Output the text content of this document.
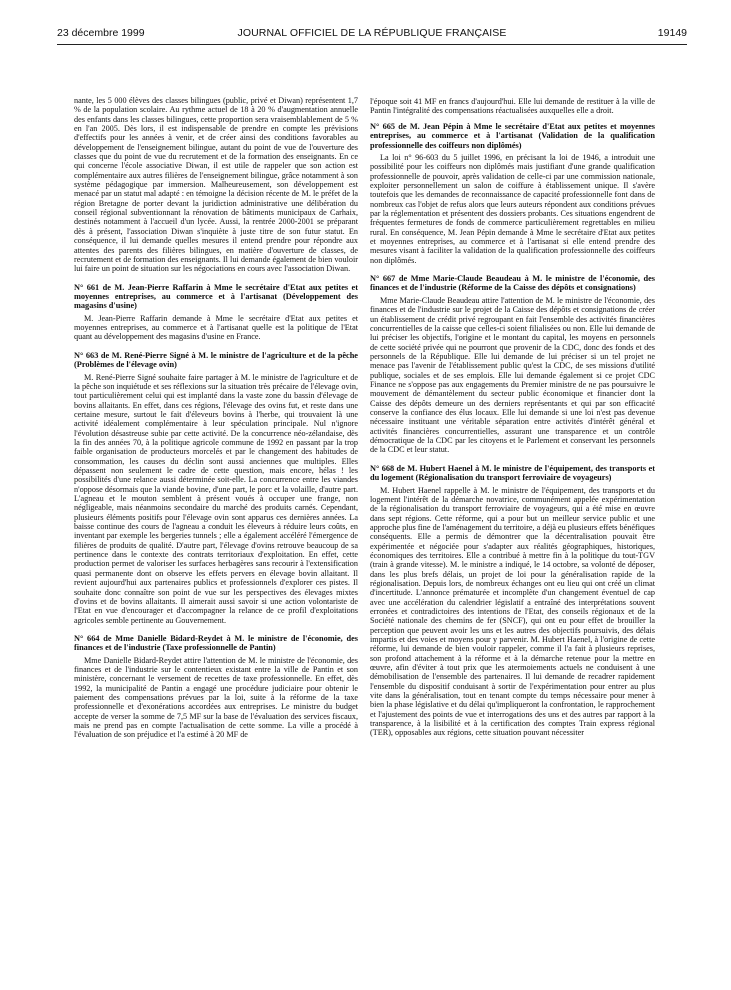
23 décembre 1999	JOURNAL OFFICIEL DE LA RÉPUBLIQUE FRANÇAISE	19149

nante, les 5 000 élèves des classes bilingues (public, privé et Diwan) représentent 1,7 % de la population scolaire. Au rythme actuel de 18 à 20 % d'augmentation annuelle des enfants dans les classes bilingues, cette proportion sera vraisemblablement de 5 % en l'an 2005. Dès lors, il est indispensable de prendre en compte les prévisions d'effectifs pour les années à venir, et de créer ainsi des conditions favorables au développement de l'enseignement bilingue, autant du point de vue de l'ouverture des classes que du point de vue du recrutement et de la formation des enseignants. En ce qui concerne l'école associative Diwan, il est utile de rappeler que son action est complémentaire aux autres filières de l'enseignement bilingue, grâce notamment à son système pédagogique par immersion. Malheureusement, son développement est menacé par un statut mal adapté : en témoigne la décision récente de M. le préfet de la région Bretagne de porter devant la juridiction administrative une délibération du conseil régional subventionnant la rénovation de bâtiments municipaux de Carhaix, destinés notamment à l'accueil d'un lycée. Aussi, la rentrée 2000-2001 se préparant dès à présent, l'association Diwan s'inquiète à juste titre de son futur statut. En conséquence, il lui demande quelles mesures il entend prendre pour répondre aux attentes des parents des filières bilingues, en matière d'ouverture de classes, de recrutement et de formation des enseignants. Il lui demande également de bien vouloir lui faire un point de situation sur les négociations en cours avec l'association Diwan.

N° 661 de M. Jean-Pierre Raffarin à Mme le secrétaire d'Etat aux petites et moyennes entreprises, au commerce et à l'artisanat (Développement des magasins d'usine)

M. Jean-Pierre Raffarin demande à Mme le secrétaire d'Etat aux petites et moyennes entreprises, au commerce et à l'artisanat quelle est la politique de l'Etat quant au développement des magasins d'usine en France.

N° 663 de M. René-Pierre Signé à M. le ministre de l'agriculture et de la pêche (Problèmes de l'élevage ovin)

M. René-Pierre Signé souhaite faire partager à M. le ministre de l'agriculture et de la pêche son inquiétude et ses réflexions sur la situation très précaire de l'élevage ovin, tout particulièrement celui qui est implanté dans la vaste zone du bassin d'élevage de bovins allaitants. En effet, dans ces régions, l'élevage des ovins fut, et reste dans une certaine mesure, surtout le fait d'éleveurs bovins à l'herbe, qui trouvaient là une activité idéalement complémentaire à leur spéculation principale. Nul n'ignore l'évolution désastreuse subie par cette activité. De la concurrence néo-zélandaise, dès la fin des années 70, à la politique agricole commune de 1992 en passant par la trop faible organisation de producteurs morcelés et par le changement des habitudes de consommation, les causes du déclin sont aussi anciennes que multiples. Elles dépassent non seulement le cadre de cette question, mais encore, hélas ! les possibilités d'une relance aussi déterminée soit-elle. La concurrence entre les viandes n'oppose désormais que la viande bovine, d'une part, le porc et la volaille, d'autre part. L'agneau et le mouton semblent à présent voués à occuper une frange, non négligeable, mais néanmoins secondaire du marché des produits carnés. Cependant, plusieurs éléments positifs pour l'élevage ovin sont apparus ces dernières années. La baisse continue des cours de l'agneau a conduit les éleveurs à réduire leurs coûts, en inventant par exemple les bergeries tunnels ; elle a également accéléré l'émergence de filières de produits de qualité. D'autre part, l'élevage d'ovins retrouve beaucoup de sa pertinence dans le contexte des contrats territoriaux d'exploitation. En effet, cette production permet de valoriser les surfaces herbagères sans recourir à l'extensification quasi permanente dont on observe les effets pervers en élevage bovin allaitant. Il revient aujourd'hui aux partenaires publics et professionnels d'explorer ces pistes. Il souhaite donc connaître son point de vue sur les perspectives des élevages mixtes d'ovins et de bovins allaitants. Il aimerait aussi savoir si une action volontariste de l'Etat en vue d'encourager et d'accompagner la relance de ce profil d'exploitations agricoles semble pertinente au Gouvernement.

N° 664 de Mme Danielle Bidard-Reydet à M. le ministre de l'économie, des finances et de l'industrie (Taxe professionnelle de Pantin)

Mme Danielle Bidard-Reydet attire l'attention de M. le ministre de l'économie, des finances et de l'industrie sur le contentieux existant entre la ville de Pantin et son ministère, concernant le versement de recettes de taxe professionnelle. En effet, dès 1992, la municipalité de Pantin a engagé une procédure judiciaire pour obtenir le paiement des compensations prévues par la loi, suite à la réforme de la taxe professionnelle et d'exonérations accordées aux entreprises. Le ministre du budget accepte de verser la somme de 7,5 MF sur la base de l'évaluation des services fiscaux, mais ne prend pas en compte l'actualisation de cette somme. La ville a procédé à l'évaluation de son préjudice et l'a estimé à 20 MF de

l'époque soit 41 MF en francs d'aujourd'hui. Elle lui demande de restituer à la ville de Pantin l'intégralité des compensations réactualisées auxquelles elle a droit.

N° 665 de M. Jean Pépin à Mme le secrétaire d'Etat aux petites et moyennes entreprises, au commerce et à l'artisanat (Validation de la qualification professionnelle des coiffeurs non diplômés)

La loi n° 96-603 du 5 juillet 1996, en précisant la loi de 1946, a introduit une possibilité pour les coiffeurs non diplômés mais justifiant d'une grande qualification professionnelle de pouvoir, après validation de celle-ci par une commission nationale, exploiter personnellement un salon de coiffure à établissement unique. Il s'avère toutefois que les demandes de reconnaissance de capacité professionnelle font dans de nombreux cas l'objet de refus alors que leurs auteurs répondent aux conditions prévues par la réglementation et présentent des dossiers probants. Ces situations engendrent de fréquentes fermetures de fonds de commerce particulièrement regrettables en milieu rural. En conséquence, M. Jean Pépin demande à Mme le secrétaire d'Etat aux petites et moyennes entreprises, au commerce et à l'artisanat si elle entend prendre des mesures visant à faciliter la validation de la qualification professionnelle des coiffeurs non diplômés.

N° 667 de Mme Marie-Claude Beaudeau à M. le ministre de l'économie, des finances et de l'industrie (Réforme de la Caisse des dépôts et consignations)

Mme Marie-Claude Beaudeau attire l'attention de M. le ministre de l'économie, des finances et de l'industrie sur le projet de la Caisse des dépôts et consignations de créer un établissement de crédit privé regroupant en fait l'ensemble des activités financières concurrentielles de la caisse que celles-ci soient filialisées ou non. Elle lui demande de lui préciser les objectifs, l'origine et le montant du capital, les moyens en personnels de cette société privée qui ne pourront que provenir de la CDC, donc des fonds et des personnels de la République. Elle lui demande de lui préciser si un tel projet ne menace pas l'avenir de l'établissement public qu'est la CDC, de ses missions d'utilité publique, sociales et de ses emplois. Elle lui demande également si ce projet CDC Finance ne s'oppose pas aux engagements du Premier ministre de ne pas poursuivre le mouvement de démantèlement du secteur public économique et financier dont la Caisse des dépôts demeure un des derniers représentants et qui par son efficacité conserve la confiance des élus locaux. Elle lui demande si une loi n'est pas devenue nécessaire instituant une véritable séparation entre activités d'intérêt général et activités financières concurrentielles, assurant une transparence et un contrôle démocratique de la CDC par les citoyens et le Parlement et conservant les personnels de la CDC et leur statut.

N° 668 de M. Hubert Haenel à M. le ministre de l'équipement, des transports et du logement (Régionalisation du transport ferroviaire de voyageurs)

M. Hubert Haenel rappelle à M. le ministre de l'équipement, des transports et du logement l'intérêt de la démarche novatrice, communément appelée expérimentation de la régionalisation du transport ferroviaire de voyageurs, qui a été mise en œuvre dans sept régions. Cette réforme, qui a pour but un meilleur service public et une approche plus fine de l'aménagement du territoire, a déjà eu plusieurs effets bénéfiques conséquents. Elle a permis de démontrer que la décentralisation pouvait être expérimentée et négociée pour s'adapter aux réalités géographiques, historiques, économiques des territoires. Elle a contribué à mettre fin à la politique du tout-TGV (train à grande vitesse). M. le ministre a indiqué, le 14 octobre, sa volonté de déposer, dans les plus brefs délais, un projet de loi pour la généralisation rapide de la régionalisation. Depuis lors, de nombreux échanges ont eu lieu qui ont créé un climat d'incertitude. L'annonce prématurée et incomplète d'un changement éventuel de cap avec une accélération du calendrier législatif a entraîné des interprétations souvent erronées et contradictoires des intentions de l'Etat, des conseils régionaux et de la Société nationale des chemins de fer (SNCF), qui ont eu pour effet de brouiller la perception que peuvent avoir les uns et les autres des objectifs poursuivis, des délais impartis et des voies et moyens pour y parvenir. M. Hubert Haenel, à l'origine de cette réforme, lui demande de bien vouloir rappeler, comme il l'a fait à plusieurs reprises, son profond attachement à la réforme et à la démarche retenue pour la mettre en œuvre, afin d'éviter à tout prix que les atermoiements actuels ne conduisent à une démobilisation de l'ensemble des partenaires. Il lui demande de recadrer rapidement l'ensemble du dispositif conduisant à sortir de l'expérimentation pour entrer au plus vite dans la généralisation, tout en tenant compte du temps nécessaire pour mener à bien la phase législative et du délai qu'impliqueront la confrontation, le rapprochement et l'ajustement des points de vue et interrogations des uns et des autres par rapport à la transparence, à la lisibilité et à la certification des comptes Train express régional (TER), opposables aux régions, cette situation pouvant nécessiter
